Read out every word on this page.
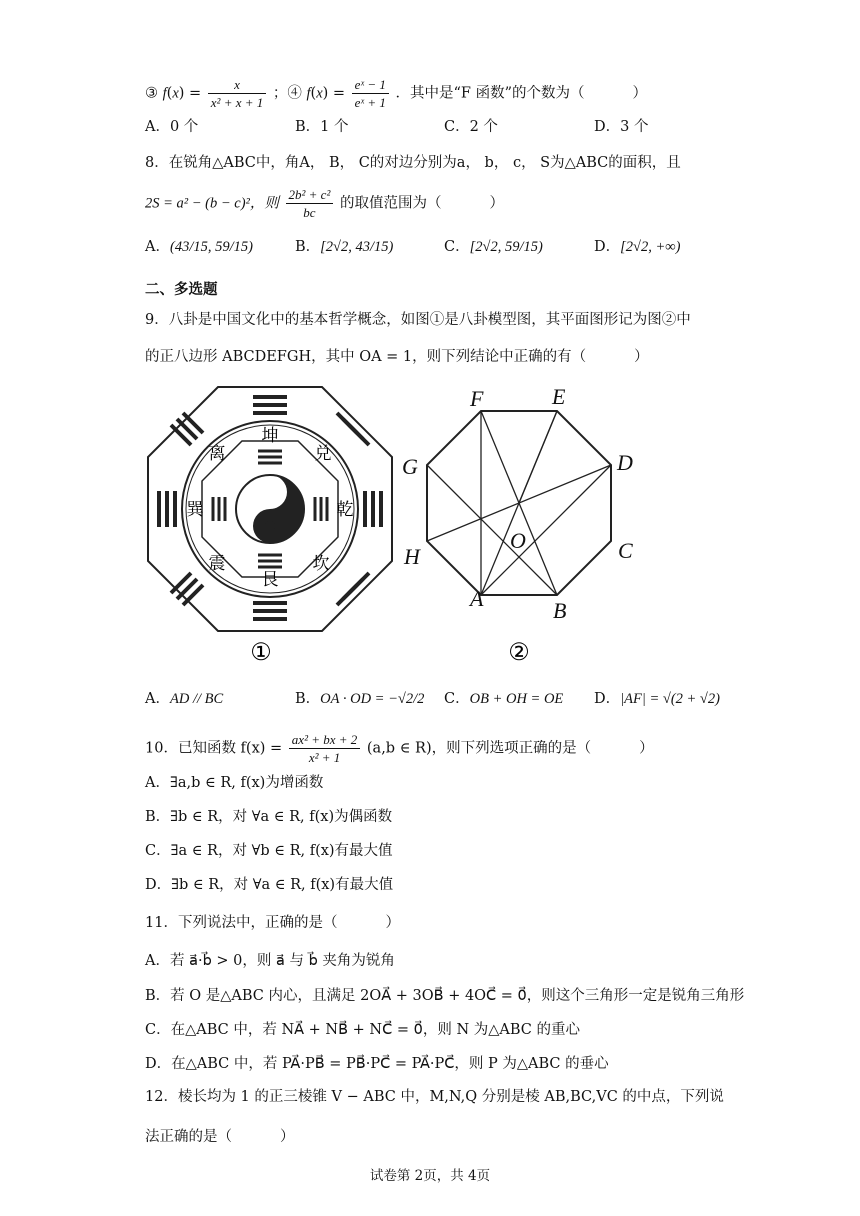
③ $f(x) = \frac{x}{\text{x² + x + 1}}$ ；④ $f(x) = \frac{\text{eˣ − 1}}{\text{eˣ + 1}}$ ．其中是“F 函数”的个数为（	）
A．0 个	B．1 个	C．2 个	D．3 个
8．在锐角△ABC中，角A， B， C的对边分别为a， b， c， S为△ABC的面积，且
2S = a² − (b − c)²，则 $\frac{\text{2b² + c²}}{bc}$ 的取值范围为（	）
A．(43/15, 59/15)	B．[2√2, 43/15)	C．[2√2, 59/15)	D．[2√2, +∞)
二、多选题
9．八卦是中国文化中的基本哲学概念，如图①是八卦模型图，其平面图形记为图②中
的正八边形 ABCDEFGH，其中 OA = 1，则下列结论中正确的有（	）
坤
兑
乾
坎
艮
震
巽
离
①
A	B
C
D
E
F
G
H
O
②
A．AD // BC	B．OA · OD = −√2/2 C．OB + OH = OE D．|AF| = √(2 + √2)
10．已知函数 $f(x) = \frac{\text{ax² + bx + 2}}{\text{x² + 1}} (a,b$ ∈ R)，则下列选项正确的是（	）
A．∃a,b ∈ R, f(x)为增函数
B．∃b ∈ R，对 ∀a ∈ R, f(x)为偶函数
C．∃a ∈ R，对 ∀b ∈ R, f(x)有最大值
D．∃b ∈ R，对 ∀a ∈ R, f(x)有最大值
11．下列说法中，正确的是（	）
A．若 a⃗·b⃗ > 0，则 a⃗ 与 b⃗ 夹角为锐角
B．若 O 是△ABC 内心，且满足 2OA⃗ + 3OB⃗ + 4OC⃗ = 0⃗，则这个三角形一定是锐角三角形
C．在△ABC 中，若 NA⃗ + NB⃗ + NC⃗ = 0⃗，则 N 为△ABC 的重心
D．在△ABC 中，若 PA⃗·PB⃗ = PB⃗·PC⃗ = PA⃗·PC⃗，则 P 为△ABC 的垂心
12．棱长均为 1 的正三棱锥 V − ABC 中，M,N,Q 分别是棱 AB,BC,VC 的中点，下列说
法正确的是（	）
试卷第 2页，共 4页
